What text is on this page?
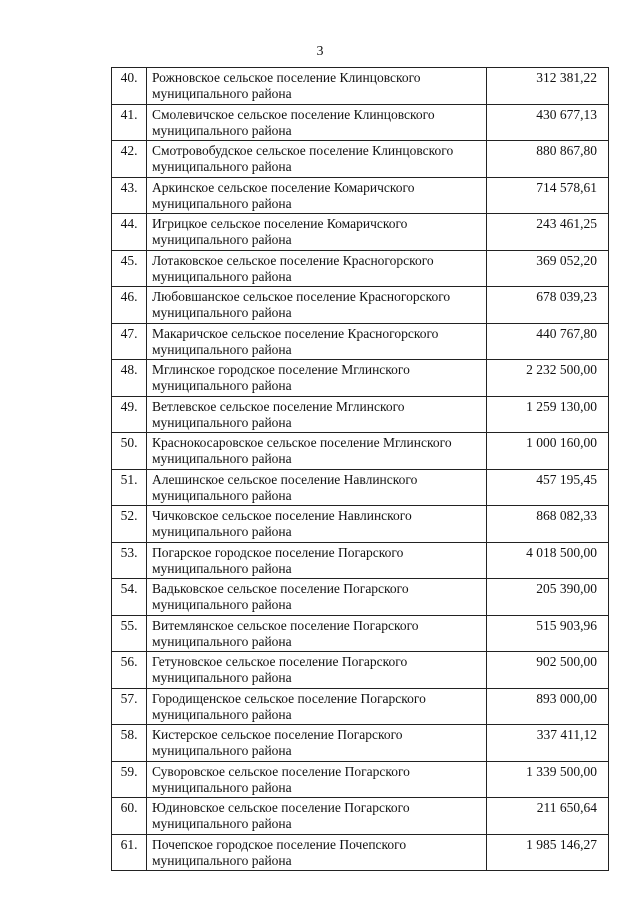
3
40.	Рожновское сельское поселение Клинцовского муниципального района	312 381,22
41.	Смолевичское сельское поселение Клинцовского муниципального района	430 677,13
42.	Смотровобудское сельское поселение Клинцовского муниципального района	880 867,80
43.	Аркинское сельское поселение Комаричского муниципального района	714 578,61
44.	Игрицкое сельское поселение Комаричского муниципального района	243 461,25
45.	Лотаковское сельское поселение Красногорского муниципального района	369 052,20
46.	Любовшанское сельское поселение Красногорского муниципального района	678 039,23
47.	Макаричское сельское поселение Красногорского муниципального района	440 767,80
48.	Мглинское городское поселение Мглинского муниципального района	2 232 500,00
49.	Ветлевское сельское поселение Мглинского муниципального района	1 259 130,00
50.	Краснокосаровское сельское поселение Мглинского муниципального района	1 000 160,00
51.	Алешинское сельское поселение Навлинского муниципального района	457 195,45
52.	Чичковское сельское поселение Навлинского муниципального района	868 082,33
53.	Погарское городское поселение Погарского муниципального района	4 018 500,00
54.	Вадьковское сельское поселение Погарского муниципального района	205 390,00
55.	Витемлянское сельское поселение Погарского муниципального района	515 903,96
56.	Гетуновское сельское поселение Погарского муниципального района	902 500,00
57.	Городищенское сельское поселение Погарского муниципального района	893 000,00
58.	Кистерское сельское поселение Погарского муниципального района	337 411,12
59.	Суворовское сельское поселение Погарского муниципального района	1 339 500,00
60.	Юдиновское сельское поселение Погарского муниципального района	211 650,64
61.	Почепское городское поселение Почепского муниципального района	1 985 146,27
